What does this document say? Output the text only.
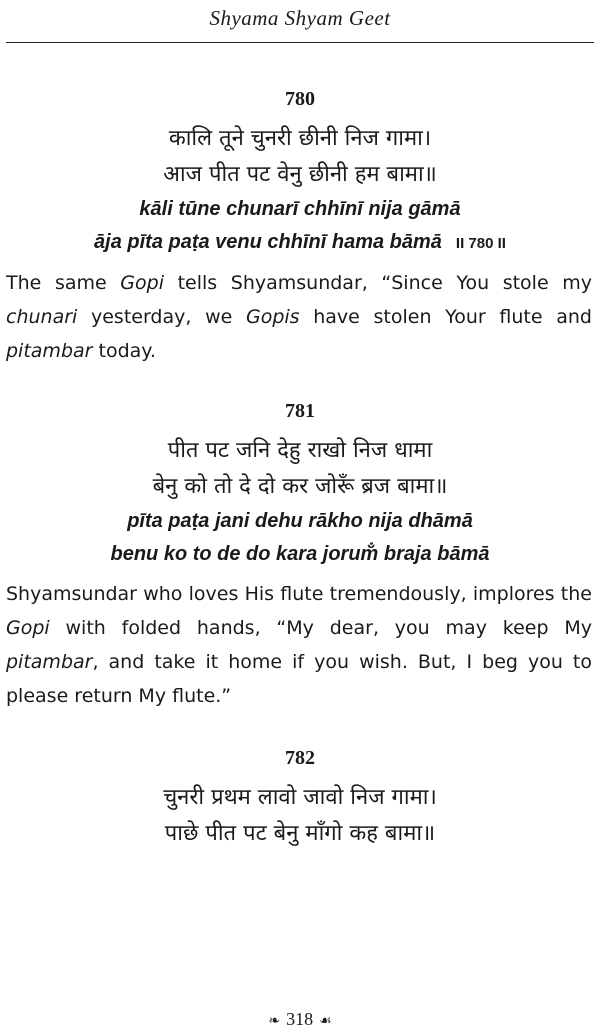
Shyama Shyam Geet
780
कालि तूने चुनरी छीनी निज गामा।
आज पीत पट वेनु छीनी हम बामा॥
kāli tūne chunarī chhīnī nija gāmā
āja pīta paṭa venu chhīnī hama bāmā II 780 II

The same Gopi tells Shyamsundar, “Since You stole my chunari yesterday, we Gopis have stolen Your flute and pitambar today.

781
पीत पट जनि देहु राखो निज धामा
बेनु को तो दे दो कर जोरूँ ब्रज बामा॥
pīta paṭa jani dehu rākho nija dhāmā
benu ko to de do kara jorum̐ braja bāmā

Shyamsundar who loves His flute tremendously, implores the Gopi with folded hands, “My dear, you may keep My pitambar, and take it home if you wish. But, I beg you to please return My flute.”

782
चुनरी प्रथम लावो जावो निज गामा।
पाछे पीत पट बेनु माँगो कह बामा॥
❧ 318 ☙
